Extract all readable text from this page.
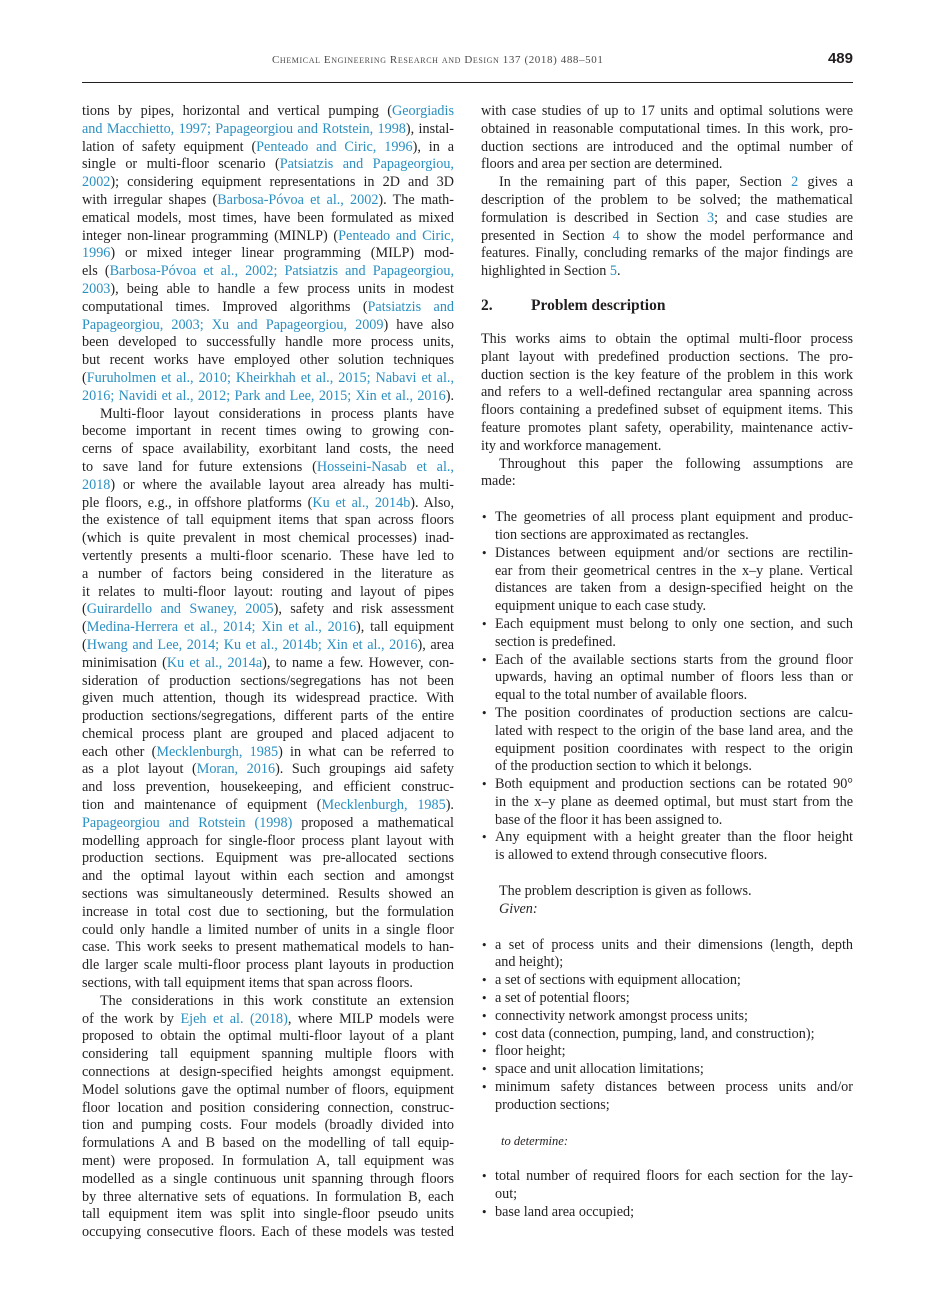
Chemical Engineering Research and Design 137 (2018) 488–501	489
tions by pipes, horizontal and vertical pumping (Georgiadis
and Macchietto, 1997; Papageorgiou and Rotstein, 1998), instal-
lation of safety equipment (Penteado and Ciric, 1996), in a
single or multi-floor scenario (Patsiatzis and Papageorgiou,
2002); considering equipment representations in 2D and 3D
with irregular shapes (Barbosa-Póvoa et al., 2002). The math-
ematical models, most times, have been formulated as mixed
integer non-linear programming (MINLP) (Penteado and Ciric,
1996) or mixed integer linear programming (MILP) mod-
els (Barbosa-Póvoa et al., 2002; Patsiatzis and Papageorgiou,
2003), being able to handle a few process units in modest
computational times. Improved algorithms (Patsiatzis and
Papageorgiou, 2003; Xu and Papageorgiou, 2009) have also
been developed to successfully handle more process units,
but recent works have employed other solution techniques
(Furuholmen et al., 2010; Kheirkhah et al., 2015; Nabavi et al.,
2016; Navidi et al., 2012; Park and Lee, 2015; Xin et al., 2016).
Multi-floor layout considerations in process plants have
become important in recent times owing to growing con-
cerns of space availability, exorbitant land costs, the need
to save land for future extensions (Hosseini-Nasab et al.,
2018) or where the available layout area already has multi-
ple floors, e.g., in offshore platforms (Ku et al., 2014b). Also,
the existence of tall equipment items that span across floors
(which is quite prevalent in most chemical processes) inad-
vertently presents a multi-floor scenario. These have led to
a number of factors being considered in the literature as
it relates to multi-floor layout: routing and layout of pipes
(Guirardello and Swaney, 2005), safety and risk assessment
(Medina-Herrera et al., 2014; Xin et al., 2016), tall equipment
(Hwang and Lee, 2014; Ku et al., 2014b; Xin et al., 2016), area
minimisation (Ku et al., 2014a), to name a few. However, con-
sideration of production sections/segregations has not been
given much attention, though its widespread practice. With
production sections/segregations, different parts of the entire
chemical process plant are grouped and placed adjacent to
each other (Mecklenburgh, 1985) in what can be referred to
as a plot layout (Moran, 2016). Such groupings aid safety
and loss prevention, housekeeping, and efficient construc-
tion and maintenance of equipment (Mecklenburgh, 1985).
Papageorgiou and Rotstein (1998) proposed a mathematical
modelling approach for single-floor process plant layout with
production sections. Equipment was pre-allocated sections
and the optimal layout within each section and amongst
sections was simultaneously determined. Results showed an
increase in total cost due to sectioning, but the formulation
could only handle a limited number of units in a single floor
case. This work seeks to present mathematical models to han-
dle larger scale multi-floor process plant layouts in production
sections, with tall equipment items that span across floors.
The considerations in this work constitute an extension
of the work by Ejeh et al. (2018), where MILP models were
proposed to obtain the optimal multi-floor layout of a plant
considering tall equipment spanning multiple floors with
connections at design-specified heights amongst equipment.
Model solutions gave the optimal number of floors, equipment
floor location and position considering connection, construc-
tion and pumping costs. Four models (broadly divided into
formulations A and B based on the modelling of tall equip-
ment) were proposed. In formulation A, tall equipment was
modelled as a single continuous unit spanning through floors
by three alternative sets of equations. In formulation B, each
tall equipment item was split into single-floor pseudo units
occupying consecutive floors. Each of these models was tested
with case studies of up to 17 units and optimal solutions were
obtained in reasonable computational times. In this work, pro-
duction sections are introduced and the optimal number of
floors and area per section are determined.
In the remaining part of this paper, Section 2 gives a
description of the problem to be solved; the mathematical
formulation is described in Section 3; and case studies are
presented in Section 4 to show the model performance and
features. Finally, concluding remarks of the major findings are
highlighted in Section 5.
2.	Problem description
This works aims to obtain the optimal multi-floor process
plant layout with predefined production sections. The pro-
duction section is the key feature of the problem in this work
and refers to a well-defined rectangular area spanning across
floors containing a predefined subset of equipment items. This
feature promotes plant safety, operability, maintenance activ-
ity and workforce management.
Throughout this paper the following assumptions are
made:
• The geometries of all process plant equipment and produc-
tion sections are approximated as rectangles.
• Distances between equipment and/or sections are rectilin-
ear from their geometrical centres in the x–y plane. Vertical
distances are taken from a design-specified height on the
equipment unique to each case study.
• Each equipment must belong to only one section, and such
section is predefined.
• Each of the available sections starts from the ground floor
upwards, having an optimal number of floors less than or
equal to the total number of available floors.
• The position coordinates of production sections are calcu-
lated with respect to the origin of the base land area, and the
equipment position coordinates with respect to the origin
of the production section to which it belongs.
• Both equipment and production sections can be rotated 90°
in the x–y plane as deemed optimal, but must start from the
base of the floor it has been assigned to.
• Any equipment with a height greater than the floor height
is allowed to extend through consecutive floors.
The problem description is given as follows.
Given:
• a set of process units and their dimensions (length, depth
and height);
• a set of sections with equipment allocation;
• a set of potential floors;
• connectivity network amongst process units;
• cost data (connection, pumping, land, and construction);
• floor height;
• space and unit allocation limitations;
• minimum safety distances between process units and/or
production sections;
to determine:
• total number of required floors for each section for the lay-
out;
• base land area occupied;
